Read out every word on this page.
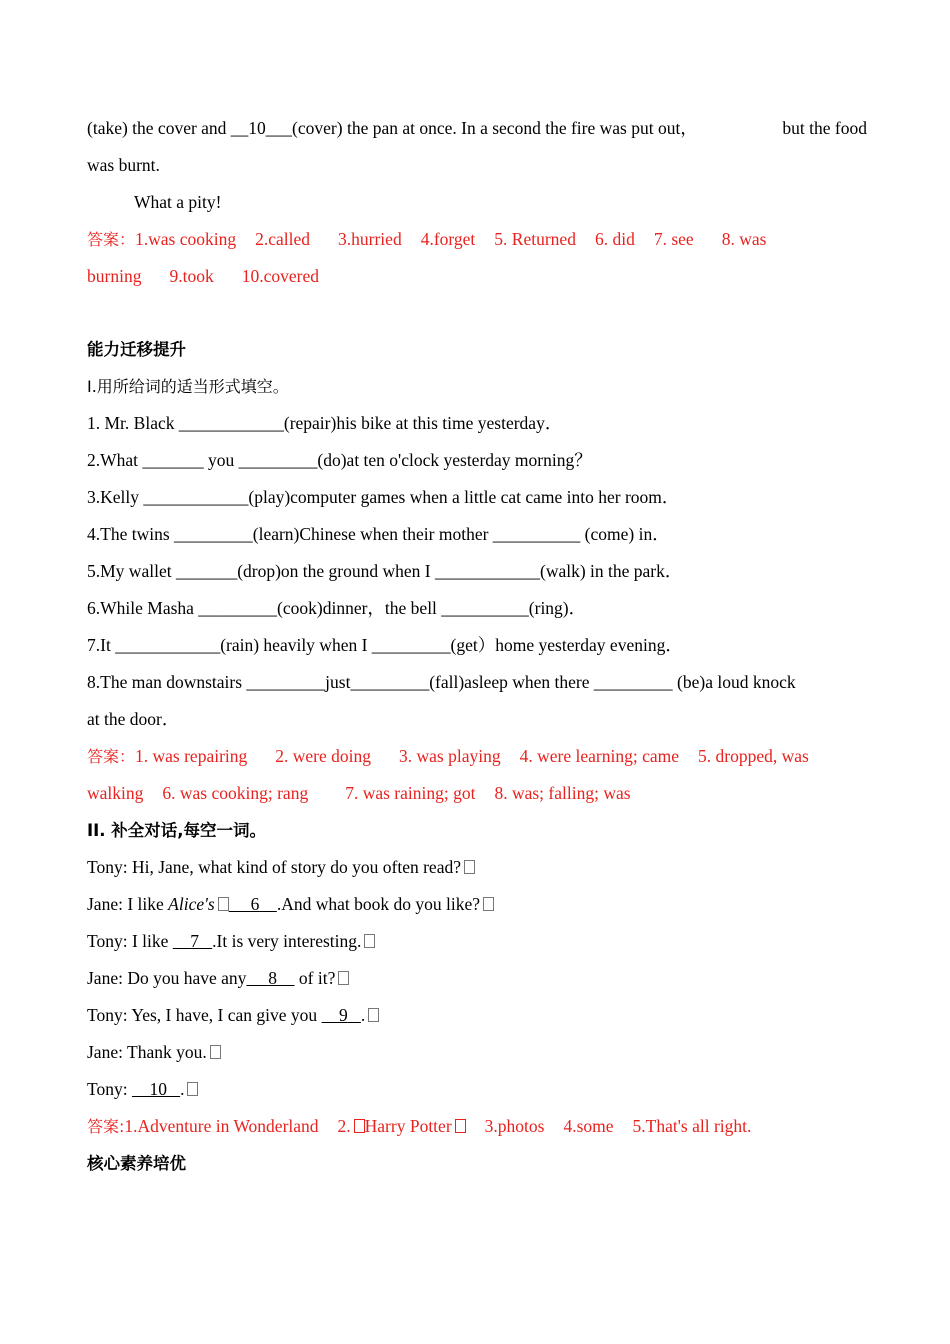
(take) the cover and __10___(cover) the pan at once. In a second the fire was put out，	but the food
was burnt.
What a pity!
答案：1.was cooking 2.called 3.hurried 4.forget 5. Returned 6. did 7. see 8. was
burning 9.took 10.covered
能力迁移提升
I.用所给词的适当形式填空。
1. Mr. Black ____________(repair)his bike at this time yesterday．
2.What _______ you _________(do)at ten o'clock yesterday morning？
3.Kelly ____________(play)computer games when a little cat came into her room．
4.The twins _________(learn)Chinese when their mother __________ (come) in．
5.My wallet _______(drop)on the ground when I ____________(walk) in the park．
6.While Masha _________(cook)dinner，the bell __________(ring)．
7.It ____________(rain) heavily when I _________(get）home yesterday evening．
8.The man downstairs _________just_________(fall)asleep when there _________ (be)a loud knock
at the door．
答案：1. was repairing 2. were doing 3. was playing 4. were learning; came 5. dropped, was
walking 6. was cooking; rang 7. was raining; got 8. was; falling; was
II. 补全对话,每空一词。
Tony: Hi, Jane, what kind of story do you often read?
Jane: I like Alice's 6 .And what book do you like?
Tony: I like     7 .It is very interesting.
Jane: Do you have any 8     of it?
Tony: Yes, I have, I can give you     9 .
Jane: Thank you.
Tony: 10 .
答案:1.Adventure in Wonderland 2. Harry Potter 3.photos 4.some 5.That's all right.
核心素养培优
